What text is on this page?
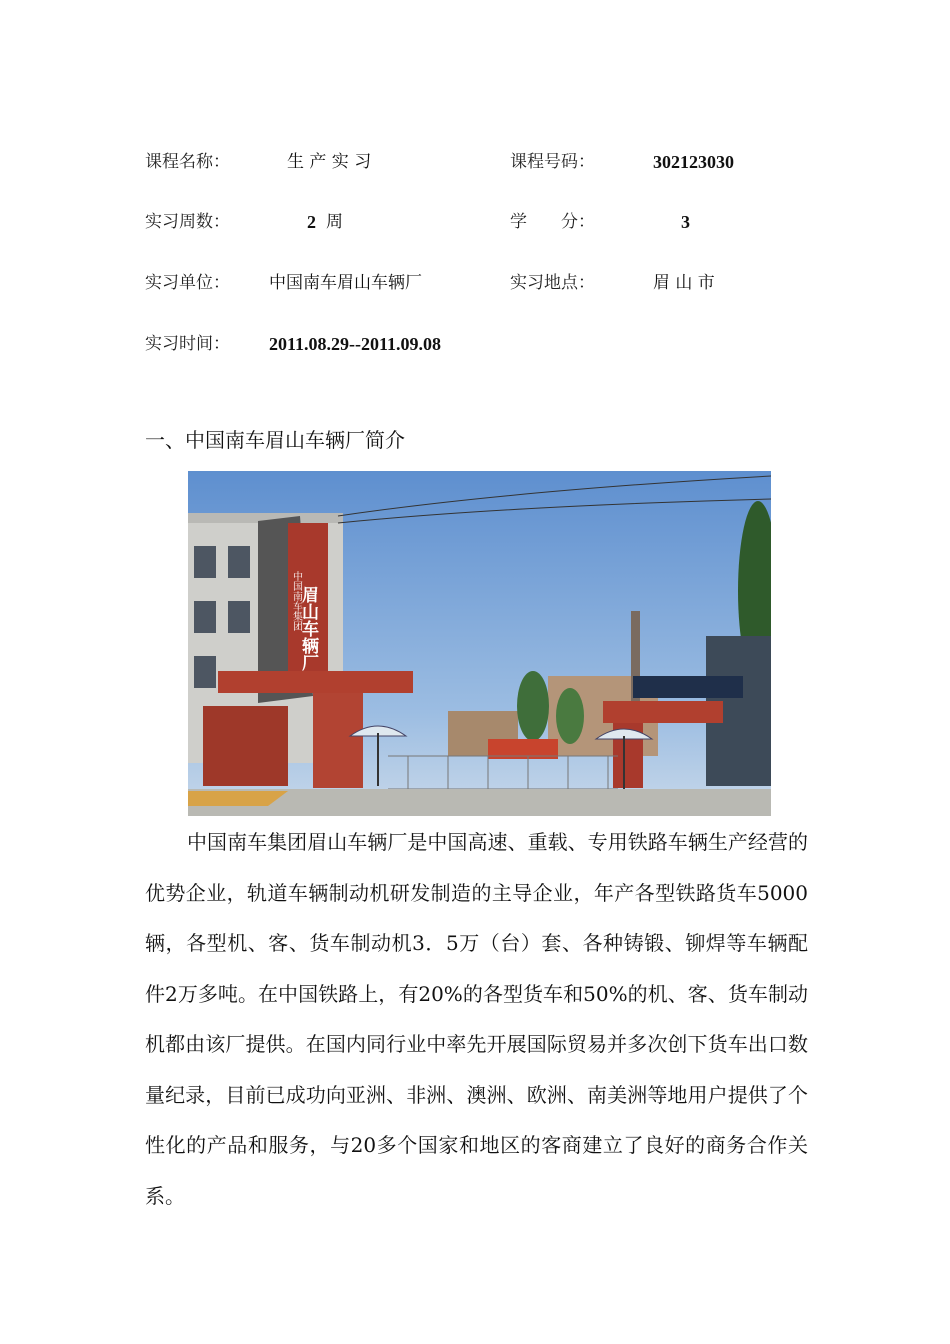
课程名称：	生 产 实 习	课程号码：	302123030
实习周数：	2 周	学　　分：	3
实习单位： 中国南车眉山车辆厂	实习地点：	眉 山 市
实习时间： 2011.08.29--2011.09.08
一、中国南车眉山车辆厂简介
中国南车集团
眉山车辆厂

中国南车集团眉山车辆厂是中国高速、重载、专用铁路车辆生产经营的优势企业，轨道车辆制动机研发制造的主导企业，年产各型铁路货车5000辆，各型机、客、货车制动机3．5万（台）套、各种铸锻、铆焊等车辆配件2万多吨。在中国铁路上，有20%的各型货车和50%的机、客、货车制动机都由该厂提供。在国内同行业中率先开展国际贸易并多次创下货车出口数量纪录，目前已成功向亚洲、非洲、澳洲、欧洲、南美洲等地用户提供了个性化的产品和服务，与20多个国家和地区的客商建立了良好的商务合作关系。
